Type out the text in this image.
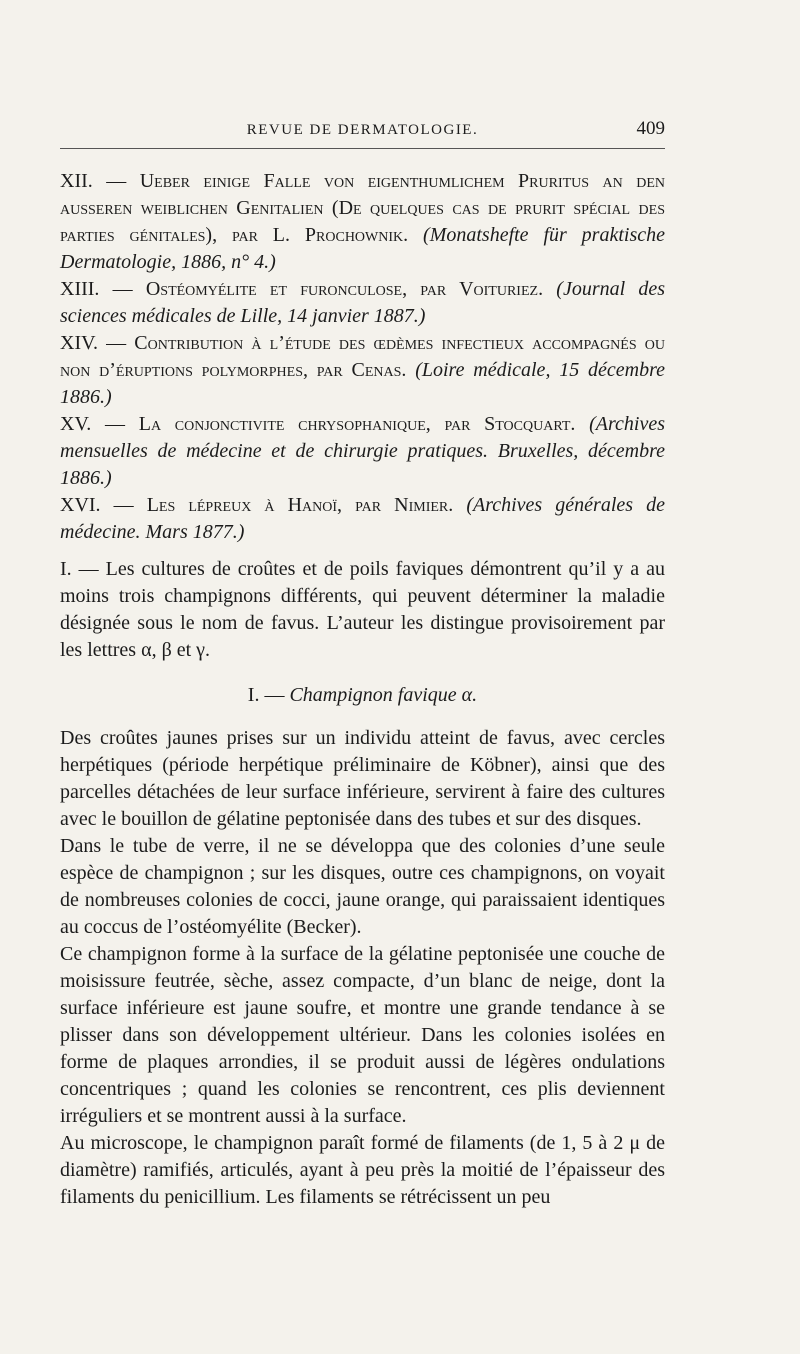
REVUE DE DERMATOLOGIE.	409

XII. — Ueber einige Falle von eigenthumlichem Pruritus an den ausseren weiblichen Genitalien (De quelques cas de prurit spécial des parties génitales), par L. Prochownik. (Monatshefte für praktische Dermatologie, 1886, n° 4.)

XIII. — Ostéomyélite et furonculose, par Voituriez. (Journal des sciences médicales de Lille, 14 janvier 1887.)

XIV. — Contribution à l’étude des œdèmes infectieux accompagnés ou non d’éruptions polymorphes, par Cenas. (Loire médicale, 15 décembre 1886.)

XV. — La conjonctivite chrysophanique, par Stocquart. (Archives mensuelles de médecine et de chirurgie pratiques. Bruxelles, décembre 1886.)

XVI. — Les lépreux à Hanoï, par Nimier. (Archives générales de médecine. Mars 1877.)

I. — Les cultures de croûtes et de poils faviques démontrent qu’il y a au moins trois champignons différents, qui peuvent déterminer la maladie désignée sous le nom de favus. L’auteur les distingue provisoirement par les lettres α, β et γ.

I. — Champignon favique α.

Des croûtes jaunes prises sur un individu atteint de favus, avec cercles herpétiques (période herpétique préliminaire de Köbner), ainsi que des parcelles détachées de leur surface inférieure, servirent à faire des cultures avec le bouillon de gélatine peptonisée dans des tubes et sur des disques.

Dans le tube de verre, il ne se développa que des colonies d’une seule espèce de champignon ; sur les disques, outre ces champignons, on voyait de nombreuses colonies de cocci, jaune orange, qui paraissaient identiques au coccus de l’ostéomyélite (Becker).

Ce champignon forme à la surface de la gélatine peptonisée une couche de moisissure feutrée, sèche, assez compacte, d’un blanc de neige, dont la surface inférieure est jaune soufre, et montre une grande tendance à se plisser dans son développement ultérieur. Dans les colonies isolées en forme de plaques arrondies, il se produit aussi de légères ondulations concentriques ; quand les colonies se rencontrent, ces plis deviennent irréguliers et se montrent aussi à la surface.

Au microscope, le champignon paraît formé de filaments (de 1, 5 à 2 μ de diamètre) ramifiés, articulés, ayant à peu près la moitié de l’épaisseur des filaments du penicillium. Les filaments se rétrécissent un peu
